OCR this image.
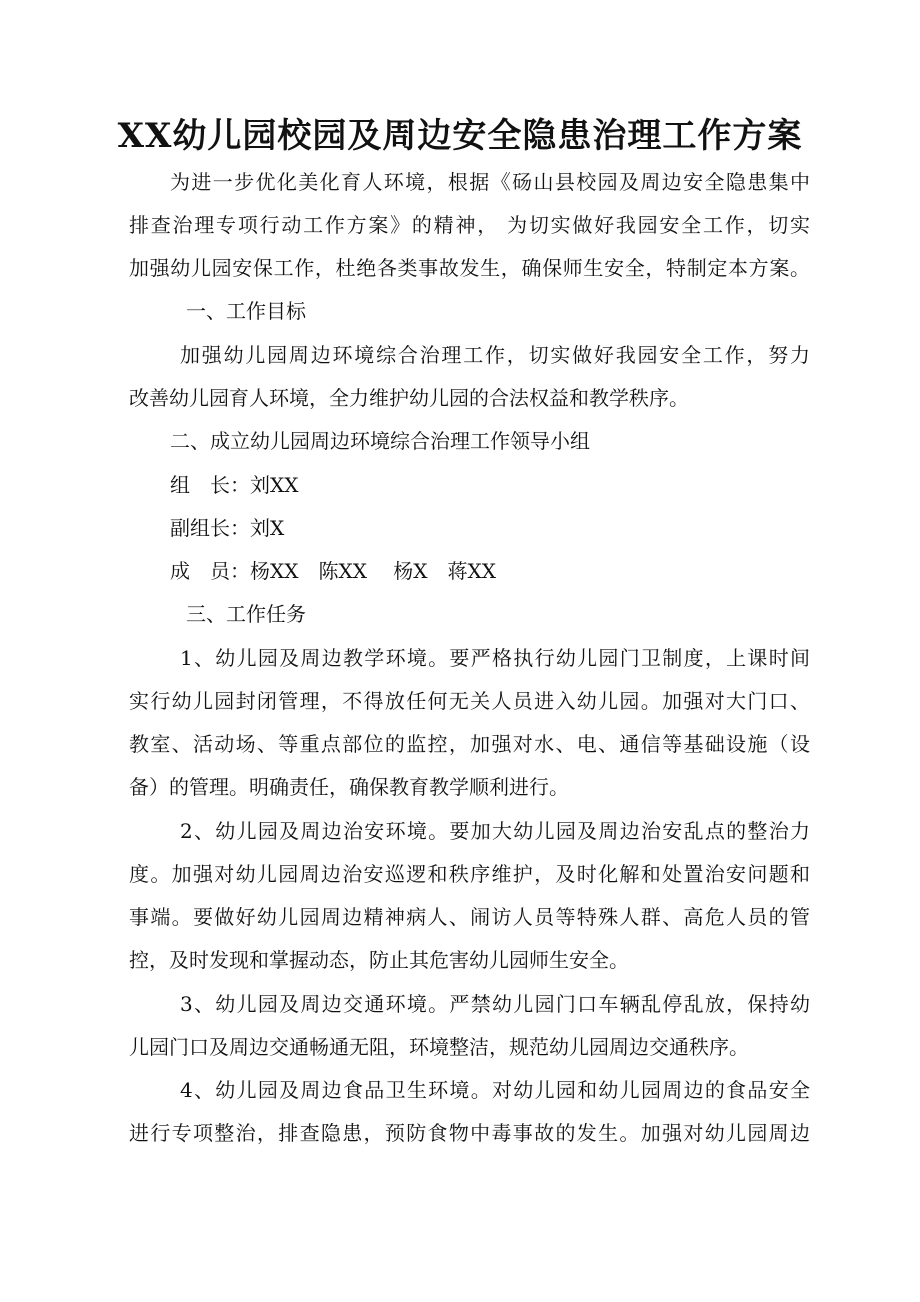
XX幼儿园校园及周边安全隐患治理工作方案
为进一步优化美化育人环境，根据《砀山县校园及周边安全隐患集中
排查治理专项行动工作方案》的精神， 为切实做好我园安全工作，切实
加强幼儿园安保工作，杜绝各类事故发生，确保师生安全，特制定本方案。
一、工作目标
加强幼儿园周边环境综合治理工作，切实做好我园安全工作，努力
改善幼儿园育人环境，全力维护幼儿园的合法权益和教学秩序。
二、成立幼儿园周边环境综合治理工作领导小组
组　长：刘XX
副组长：刘X
成　员：杨XX　陈XX　 杨X　蒋XX
三、工作任务
1、幼儿园及周边教学环境。要严格执行幼儿园门卫制度，上课时间
实行幼儿园封闭管理，不得放任何无关人员进入幼儿园。加强对大门口、
教室、活动场、等重点部位的监控，加强对水、电、通信等基础设施（设
备）的管理。明确责任，确保教育教学顺利进行。
2、幼儿园及周边治安环境。要加大幼儿园及周边治安乱点的整治力
度。加强对幼儿园周边治安巡逻和秩序维护，及时化解和处置治安问题和
事端。要做好幼儿园周边精神病人、闹访人员等特殊人群、高危人员的管
控，及时发现和掌握动态，防止其危害幼儿园师生安全。
3、幼儿园及周边交通环境。严禁幼儿园门口车辆乱停乱放，保持幼
儿园门口及周边交通畅通无阻，环境整洁，规范幼儿园周边交通秩序。
4、幼儿园及周边食品卫生环境。对幼儿园和幼儿园周边的食品安全
进行专项整治，排查隐患，预防食物中毒事故的发生。加强对幼儿园周边
